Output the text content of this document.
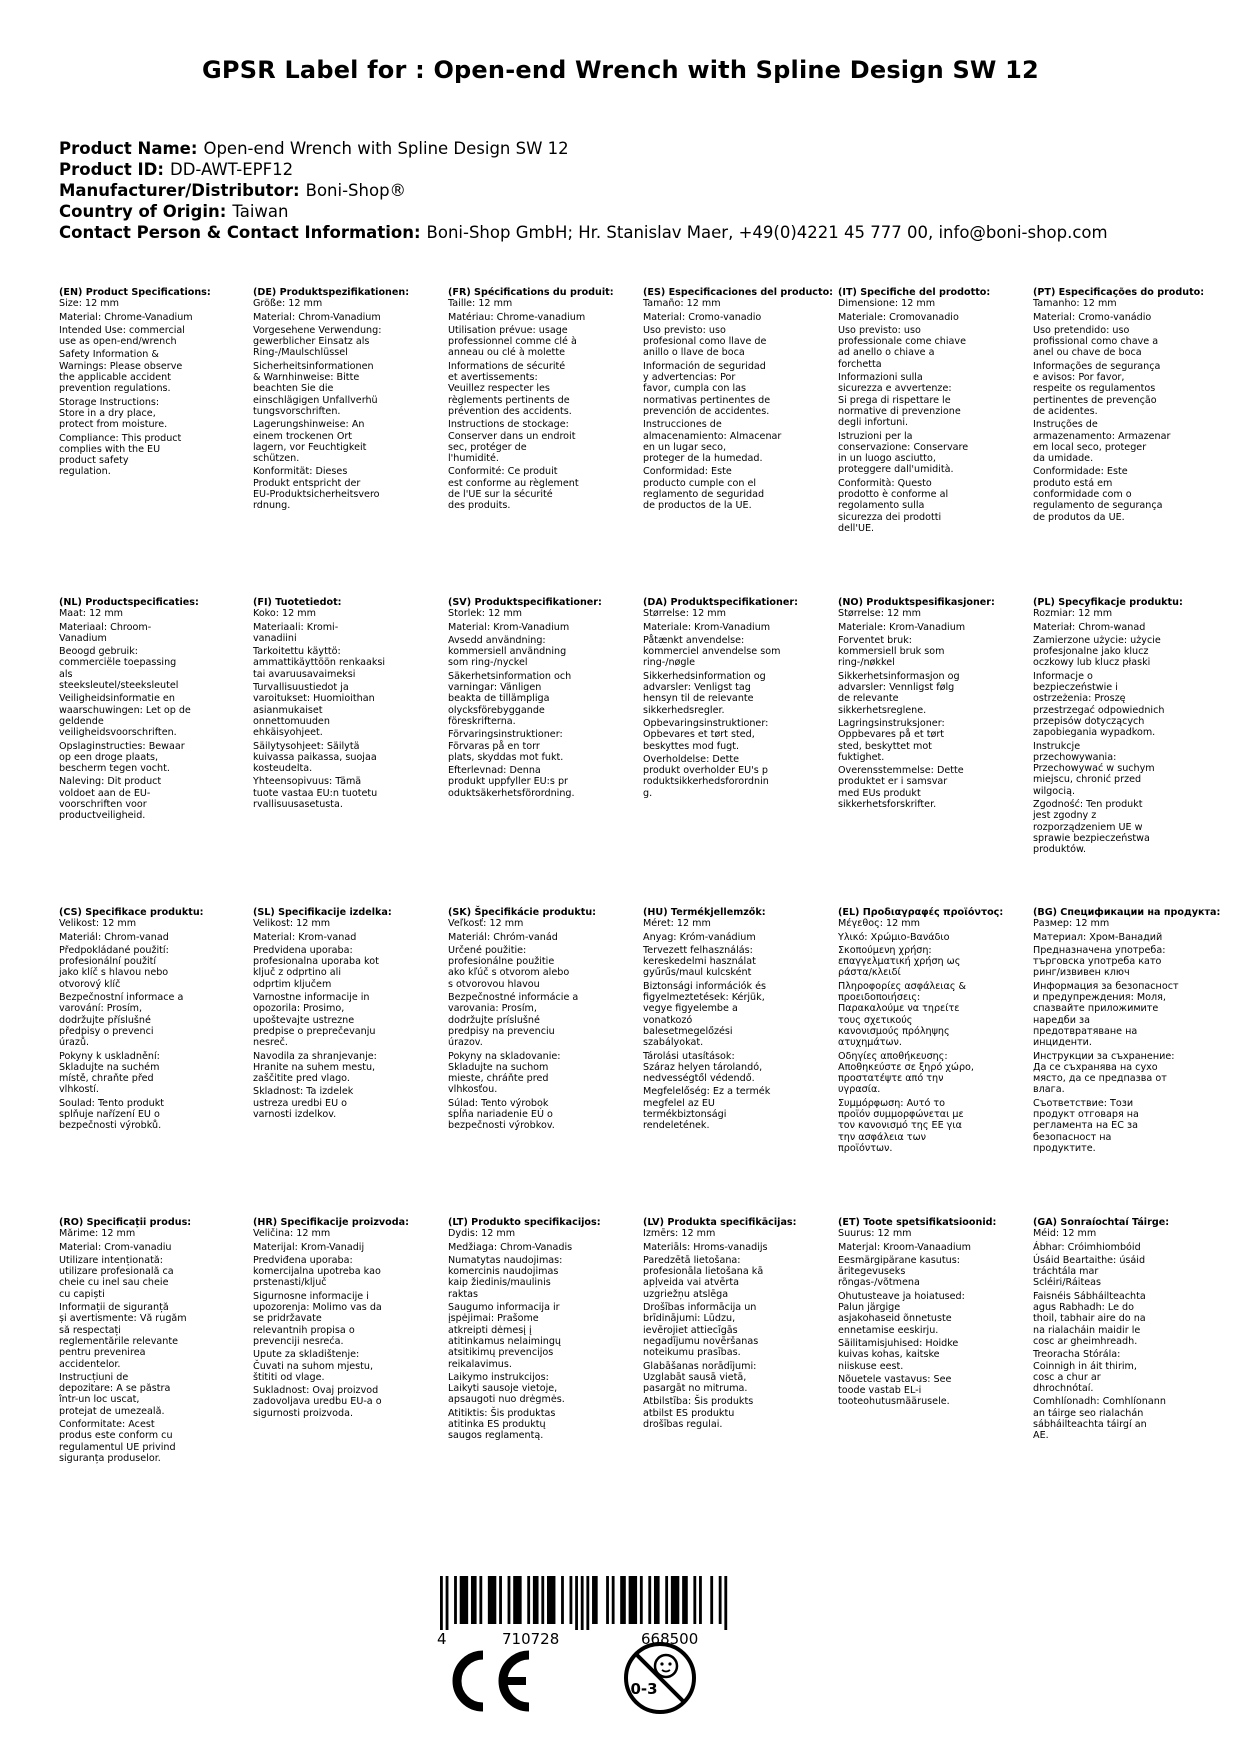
GPSR Label for : Open-end Wrench with Spline Design SW 12
Product Name: Open-end Wrench with Spline Design SW 12
Product ID: DD-AWT-EPF12
Manufacturer/Distributor: Boni-Shop®
Country of Origin: Taiwan
Contact Person & Contact Information: Boni-Shop GmbH; Hr. Stanislav Maer, +49(0)4221 45 777 00, info@boni-shop.com
(EN) Product Specifications:
Size: 12 mm
Material: Chrome-Vanadium
Intended Use: commercial
use as open-end/wrench
Safety Information &
Warnings: Please observe
the applicable accident
prevention regulations.
Storage Instructions:
Store in a dry place,
protect from moisture.
Compliance: This product
complies with the EU
product safety
regulation.
(DE) Produktspezifikationen:
Größe: 12 mm
Material: Chrom-Vanadium
Vorgesehene Verwendung:
gewerblicher Einsatz als
Ring-/Maulschlüssel
Sicherheitsinformationen
& Warnhinweise: Bitte
beachten Sie die
einschlägigen Unfallverhü
tungsvorschriften.
Lagerungshinweise: An
einem trockenen Ort
lagern, vor Feuchtigkeit
schützen.
Konformität: Dieses
Produkt entspricht der
EU-Produktsicherheitsvero
rdnung.
(FR) Spécifications du produit:
Taille: 12 mm
Matériau: Chrome-vanadium
Utilisation prévue: usage
professionnel comme clé à
anneau ou clé à molette
Informations de sécurité
et avertissements:
Veuillez respecter les
règlements pertinents de
prévention des accidents.
Instructions de stockage:
Conserver dans un endroit
sec, protéger de
l'humidité.
Conformité: Ce produit
est conforme au règlement
de l'UE sur la sécurité
des produits.
(ES) Especificaciones del producto:
Tamaño: 12 mm
Material: Cromo-vanadio
Uso previsto: uso
profesional como llave de
anillo o llave de boca
Información de seguridad
y advertencias: Por
favor, cumpla con las
normativas pertinentes de
prevención de accidentes.
Instrucciones de
almacenamiento: Almacenar
en un lugar seco,
proteger de la humedad.
Conformidad: Este
producto cumple con el
reglamento de seguridad
de productos de la UE.
(IT) Specifiche del prodotto:
Dimensione: 12 mm
Materiale: Cromovanadio
Uso previsto: uso
professionale come chiave
ad anello o chiave a
forchetta
Informazioni sulla
sicurezza e avvertenze:
Si prega di rispettare le
normative di prevenzione
degli infortuni.
Istruzioni per la
conservazione: Conservare
in un luogo asciutto,
proteggere dall'umidità.
Conformità: Questo
prodotto è conforme al
regolamento sulla
sicurezza dei prodotti
dell'UE.
(PT) Especificações do produto:
Tamanho: 12 mm
Material: Cromo-vanádio
Uso pretendido: uso
profissional como chave a
anel ou chave de boca
Informações de segurança
e avisos: Por favor,
respeite os regulamentos
pertinentes de prevenção
de acidentes.
Instruções de
armazenamento: Armazenar
em local seco, proteger
da umidade.
Conformidade: Este
produto está em
conformidade com o
regulamento de segurança
de produtos da UE.
(NL) Productspecificaties:
Maat: 12 mm
Materiaal: Chroom-
Vanadium
Beoogd gebruik:
commerciële toepassing
als
steeksleutel/steeksleutel
Veiligheidsinformatie en
waarschuwingen: Let op de
geldende
veiligheidsvoorschriften.
Opslaginstructies: Bewaar
op een droge plaats,
bescherm tegen vocht.
Naleving: Dit product
voldoet aan de EU-
voorschriften voor
productveiligheid.
(FI) Tuotetiedot:
Koko: 12 mm
Materiaali: Kromi-
vanadiini
Tarkoitettu käyttö:
ammattikäyttöön renkaaksi
tai avaruusavaimeksi
Turvallisuustiedot ja
varoitukset: Huomioithan
asianmukaiset
onnettomuuden
ehkäisyohjeet.
Säilytysohjeet: Säilytä
kuivassa paikassa, suojaa
kosteudelta.
Yhteensopivuus: Tämä
tuote vastaa EU:n tuotetu
rvallisuusasetusta.
(SV) Produktspecifikationer:
Storlek: 12 mm
Material: Krom-Vanadium
Avsedd användning:
kommersiell användning
som ring-/nyckel
Säkerhetsinformation och
varningar: Vänligen
beakta de tillämpliga
olycksförebyggande
föreskrifterna.
Förvaringsinstruktioner:
Förvaras på en torr
plats, skyddas mot fukt.
Efterlevnad: Denna
produkt uppfyller EU:s pr
oduktsäkerhetsförordning.
(DA) Produktspecifikationer:
Størrelse: 12 mm
Materiale: Krom-Vanadium
Påtænkt anvendelse:
kommerciel anvendelse som
ring-/nøgle
Sikkerhedsinformation og
advarsler: Venligst tag
hensyn til de relevante
sikkerhedsregler.
Opbevaringsinstruktioner:
Opbevares et tørt sted,
beskyttes mod fugt.
Overholdelse: Dette
produkt overholder EU's p
roduktsikkerhedsforordnin
g.
(NO) Produktspesifikasjoner:
Størrelse: 12 mm
Materiale: Krom-Vanadium
Forventet bruk:
kommersiell bruk som
ring-/nøkkel
Sikkerhetsinformasjon og
advarsler: Vennligst følg
de relevante
sikkerhetsreglene.
Lagringsinstruksjoner:
Oppbevares på et tørt
sted, beskyttet mot
fuktighet.
Overensstemmelse: Dette
produktet er i samsvar
med EUs produkt
sikkerhetsforskrifter.
(PL) Specyfikacje produktu:
Rozmiar: 12 mm
Materiał: Chrom-wanad
Zamierzone użycie: użycie
profesjonalne jako klucz
oczkowy lub klucz płaski
Informacje o
bezpieczeństwie i
ostrzeżenia: Proszę
przestrzegać odpowiednich
przepisów dotyczących
zapobiegania wypadkom.
Instrukcje
przechowywania:
Przechowywać w suchym
miejscu, chronić przed
wilgocią.
Zgodność: Ten produkt
jest zgodny z
rozporządzeniem UE w
sprawie bezpieczeństwa
produktów.
(CS) Specifikace produktu:
Velikost: 12 mm
Materiál: Chrom-vanad
Předpokládané použití:
profesionální použití
jako klíč s hlavou nebo
otvorový klíč
Bezpečnostní informace a
varování: Prosím,
dodržujte příslušné
předpisy o prevenci
úrazů.
Pokyny k uskladnění:
Skladujte na suchém
místě, chraňte před
vlhkostí.
Soulad: Tento produkt
splňuje nařízení EU o
bezpečnosti výrobků.
(SL) Specifikacije izdelka:
Velikost: 12 mm
Material: Krom-vanad
Predvidena uporaba:
profesionalna uporaba kot
ključ z odprtino ali
odprtim ključem
Varnostne informacije in
opozorila: Prosimo,
upoštevajte ustrezne
predpise o preprečevanju
nesreč.
Navodila za shranjevanje:
Hranite na suhem mestu,
zaščitite pred vlago.
Skladnost: Ta izdelek
ustreza uredbi EU o
varnosti izdelkov.
(SK) Špecifikácie produktu:
Veľkosť: 12 mm
Materiál: Chróm-vanád
Určené použitie:
profesionálne použitie
ako kľúč s otvorom alebo
s otvorovou hlavou
Bezpečnostné informácie a
varovania: Prosím,
dodržujte príslušné
predpisy na prevenciu
úrazov.
Pokyny na skladovanie:
Skladujte na suchom
mieste, chráňte pred
vlhkosťou.
Súlad: Tento výrobok
spĺňa nariadenie EÚ o
bezpečnosti výrobkov.
(HU) Termékjellemzők:
Méret: 12 mm
Anyag: Króm-vanádium
Tervezett felhasználás:
kereskedelmi használat
gyűrűs/maul kulcsként
Biztonsági információk és
figyelmeztetések: Kérjük,
vegye figyelembe a
vonatkozó
balesetmegelőzési
szabályokat.
Tárolási utasítások:
Száraz helyen tárolandó,
nedvességtől védendő.
Megfelelőség: Ez a termék
megfelel az EU
termékbiztonsági
rendeletének.
(EL) Προδιαγραφές προϊόντος:
Μέγεθος: 12 mm
Υλικό: Χρώμιο-Βανάδιο
Σκοπούμενη χρήση:
επαγγελματική χρήση ως
ράστα/κλειδί
Πληροφορίες ασφάλειας &
προειδοποιήσεις:
Παρακαλούμε να τηρείτε
τους σχετικούς
κανονισμούς πρόληψης
ατυχημάτων.
Οδηγίες αποθήκευσης:
Αποθηκεύστε σε ξηρό χώρο,
προστατέψτε από την
υγρασία.
Συμμόρφωση: Αυτό το
προϊόν συμμορφώνεται με
τον κανονισμό της ΕΕ για
την ασφάλεια των
προϊόντων.
(BG) Спецификации на продукта:
Размер: 12 mm
Материал: Хром-Ванадий
Предназначена употреба:
търговска употреба като
ринг/извивен ключ
Информация за безопасност
и предупреждения: Моля,
спазвайте приложимите
наредби за
предотвратяване на
инциденти.
Инструкции за съхранение:
Да се съхранява на сухо
място, да се предпазва от
влага.
Съответствие: Този
продукт отговаря на
регламента на ЕС за
безопасност на
продуктите.
(RO) Specificații produs:
Mărime: 12 mm
Material: Crom-vanadiu
Utilizare intenționată:
utilizare profesională ca
cheie cu inel sau cheie
cu capiști
Informații de siguranță
și avertismente: Vă rugăm
să respectați
reglementările relevante
pentru prevenirea
accidentelor.
Instrucțiuni de
depozitare: A se păstra
într-un loc uscat,
protejat de umezeală.
Conformitate: Acest
produs este conform cu
regulamentul UE privind
siguranța produselor.
(HR) Specifikacije proizvoda:
Veličina: 12 mm
Materijal: Krom-Vanadij
Predviđena uporaba:
komercijalna upotreba kao
prstenasti/ključ
Sigurnosne informacije i
upozorenja: Molimo vas da
se pridržavate
relevantnih propisa o
prevenciji nesreća.
Upute za skladištenje:
Čuvati na suhom mjestu,
štititi od vlage.
Sukladnost: Ovaj proizvod
zadovoljava uredbu EU-a o
sigurnosti proizvoda.
(LT) Produkto specifikacijos:
Dydis: 12 mm
Medžiaga: Chrom-Vanadis
Numatytas naudojimas:
komercinis naudojimas
kaip žiedinis/maulinis
raktas
Saugumo informacija ir
įspėjimai: Prašome
atkreipti dėmesį į
atitinkamus nelaimingų
atsitikimų prevencijos
reikalavimus.
Laikymo instrukcijos:
Laikyti sausoje vietoje,
apsaugoti nuo drėgmės.
Atitiktis: Šis produktas
atitinka ES produktų
saugos reglamentą.
(LV) Produkta specifikācijas:
Izmērs: 12 mm
Materiāls: Hroms-vanadijs
Paredzētā lietošana:
profesionāla lietošana kā
apļveida vai atvērta
uzgriežņu atslēga
Drošības informācija un
brīdinājumi: Lūdzu,
ievērojiet attiecīgās
negadījumu novēršanas
noteikumu prasības.
Glabāšanas norādījumi:
Uzglabāt sausā vietā,
pasargāt no mitruma.
Atbilstība: Šis produkts
atbilst ES produktu
drošības regulai.
(ET) Toote spetsifikatsioonid:
Suurus: 12 mm
Materjal: Kroom-Vanaadium
Eesmärgipärane kasutus:
äritegevuseks
rõngas-/võtmena
Ohutusteave ja hoiatused:
Palun järgige
asjakohaseid õnnetuste
ennetamise eeskirju.
Säilitamisjuhised: Hoidke
kuivas kohas, kaitske
niiskuse eest.
Nõuetele vastavus: See
toode vastab EL-i
tooteohutusmäärusele.
(GA) Sonraíochtaí Táirge:
Méid: 12 mm
Ábhar: Cróimhiombóid
Úsáid Beartaithe: úsáid
tráchtála mar
Scléiri/Ráiteas
Faisnéis Sábháilteachta
agus Rabhadh: Le do
thoil, tabhair aire do na
na rialacháin maidir le
cosc ar gheimhreadh.
Treoracha Stórála:
Coinnigh in áit thirim,
cosc a chur ar
dhrochnótaí.
Comhlíonadh: Comhlíonann
an táirge seo rialachán
sábháilteachta táirgí an
AE.
4	710728	668500
0-3
